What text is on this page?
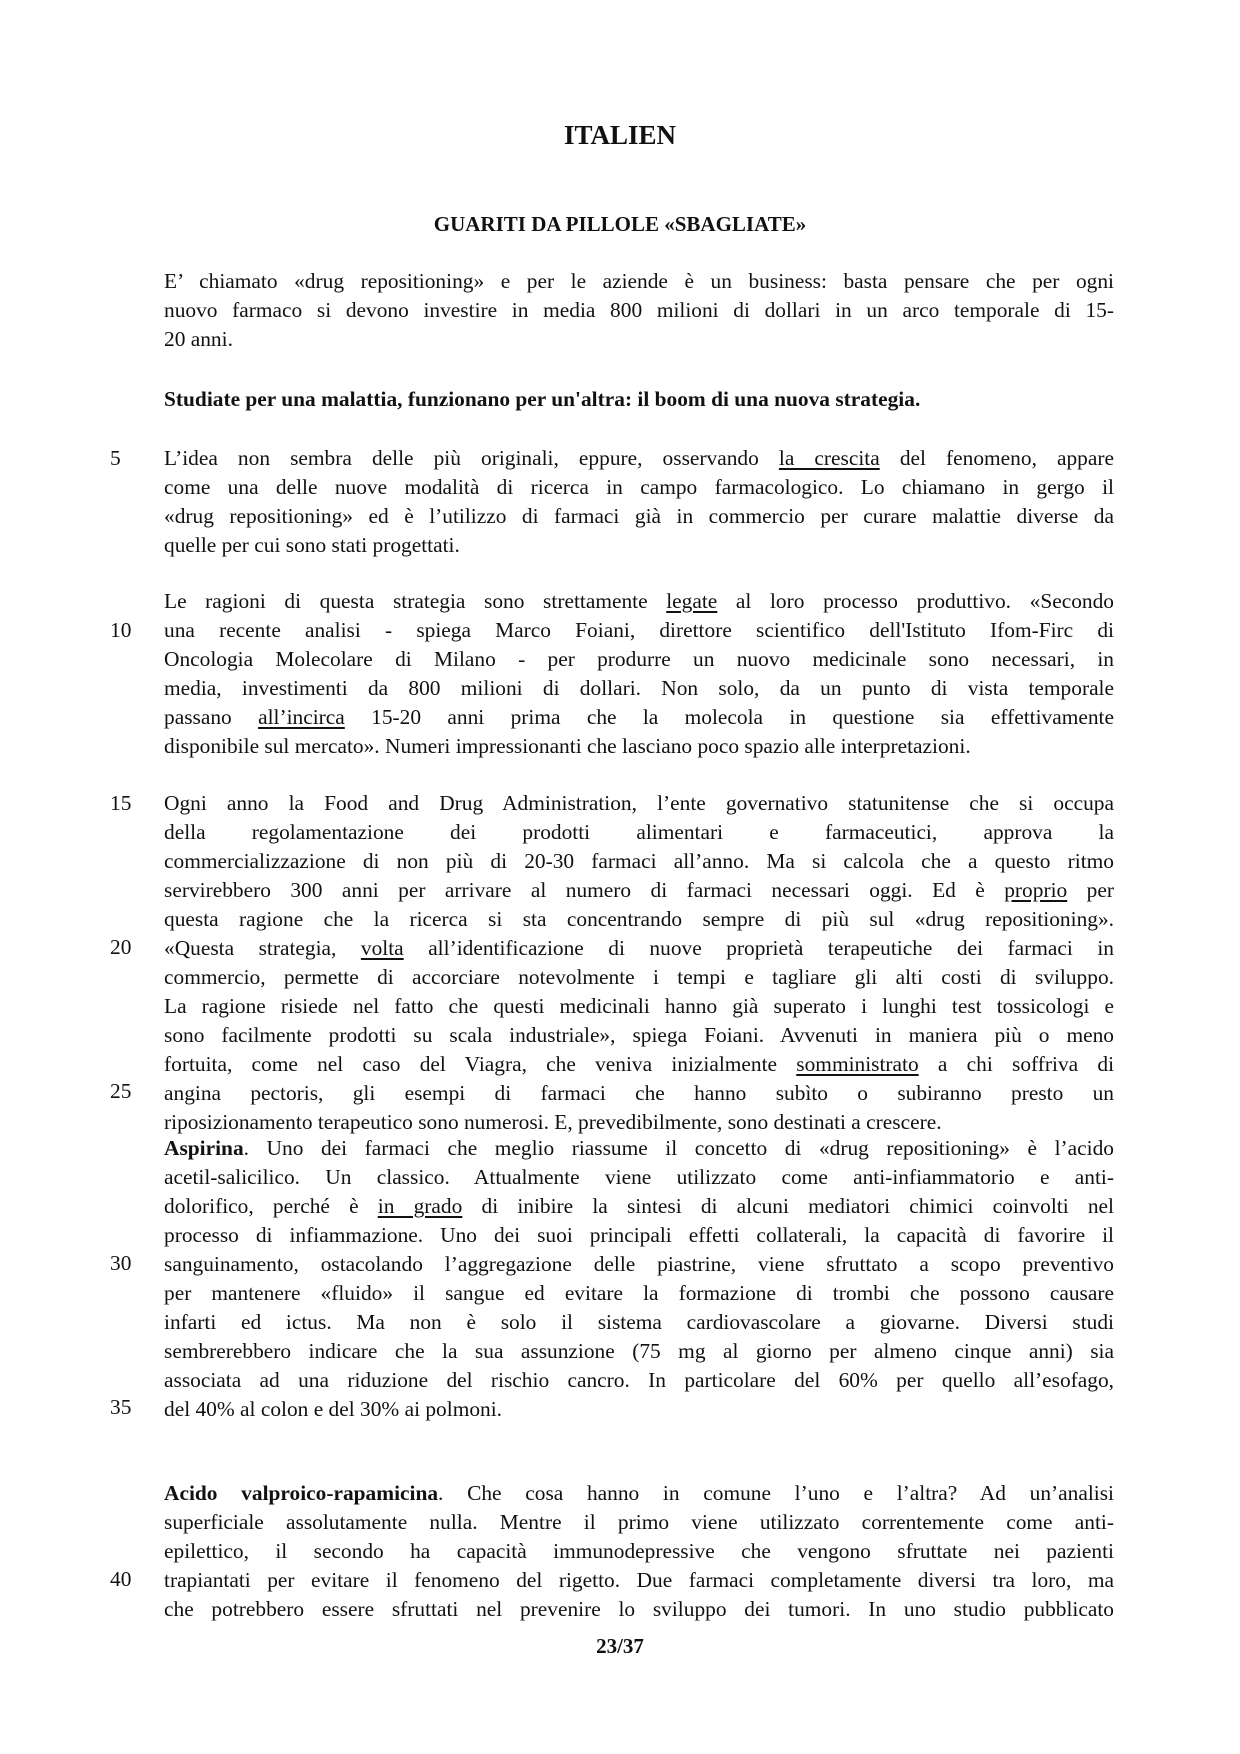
ITALIEN
GUARITI DA PILLOLE «SBAGLIATE»
E’ chiamato «drug repositioning» e per le aziende è un business: basta pensare che per ogni
nuovo farmaco si devono investire in media 800 milioni di dollari in un arco temporale di 15-
20 anni.
Studiate per una malattia, funzionano per un'altra: il boom di una nuova strategia.
5
10
15
20
25
30
35
40
L’idea non sembra delle più originali, eppure, osservando la crescita del fenomeno, appare
come una delle nuove modalità di ricerca in campo farmacologico. Lo chiamano in gergo il
«drug repositioning» ed è l’utilizzo di farmaci già in commercio per curare malattie diverse da
quelle per cui sono stati progettati.
Le ragioni di questa strategia sono strettamente legate al loro processo produttivo. «Secondo
una recente analisi - spiega Marco Foiani, direttore scientifico dell'Istituto Ifom-Firc di
Oncologia Molecolare di Milano - per produrre un nuovo medicinale sono necessari, in
media, investimenti da 800 milioni di dollari. Non solo, da un punto di vista temporale
passano all’incirca 15-20 anni prima che la molecola in questione sia effettivamente
disponibile sul mercato». Numeri impressionanti che lasciano poco spazio alle interpretazioni.
Ogni anno la Food and Drug Administration, l’ente governativo statunitense che si occupa
della regolamentazione dei prodotti alimentari e farmaceutici, approva la
commercializzazione di non più di 20-30 farmaci all’anno. Ma si calcola che a questo ritmo
servirebbero 300 anni per arrivare al numero di farmaci necessari oggi. Ed è proprio per
questa ragione che la ricerca si sta concentrando sempre di più sul «drug repositioning».
«Questa strategia, volta all’identificazione di nuove proprietà terapeutiche dei farmaci in
commercio, permette di accorciare notevolmente i tempi e tagliare gli alti costi di sviluppo.
La ragione risiede nel fatto che questi medicinali hanno già superato i lunghi test tossicologi e
sono facilmente prodotti su scala industriale», spiega Foiani. Avvenuti in maniera più o meno
fortuita, come nel caso del Viagra, che veniva inizialmente somministrato a chi soffriva di
angina pectoris, gli esempi di farmaci che hanno subìto o subiranno presto un
riposizionamento terapeutico sono numerosi. E, prevedibilmente, sono destinati a crescere.
Aspirina. Uno dei farmaci che meglio riassume il concetto di «drug repositioning» è l’acido
acetil-salicilico. Un classico. Attualmente viene utilizzato come anti-infiammatorio e anti-
dolorifico, perché è in grado di inibire la sintesi di alcuni mediatori chimici coinvolti nel
processo di infiammazione. Uno dei suoi principali effetti collaterali, la capacità di favorire il
sanguinamento, ostacolando l’aggregazione delle piastrine, viene sfruttato a scopo preventivo
per mantenere «fluido» il sangue ed evitare la formazione di trombi che possono causare
infarti ed ictus. Ma non è solo il sistema cardiovascolare a giovarne. Diversi studi
sembrerebbero indicare che la sua assunzione (75 mg al giorno per almeno cinque anni) sia
associata ad una riduzione del rischio cancro. In particolare del 60% per quello all’esofago,
del 40% al colon e del 30% ai polmoni.
Acido valproico-rapamicina. Che cosa hanno in comune l’uno e l’altra? Ad un’analisi
superficiale assolutamente nulla. Mentre il primo viene utilizzato correntemente come anti-
epilettico, il secondo ha capacità immunodepressive che vengono sfruttate nei pazienti
trapiantati per evitare il fenomeno del rigetto. Due farmaci completamente diversi tra loro, ma
che potrebbero essere sfruttati nel prevenire lo sviluppo dei tumori. In uno studio pubblicato
23/37
